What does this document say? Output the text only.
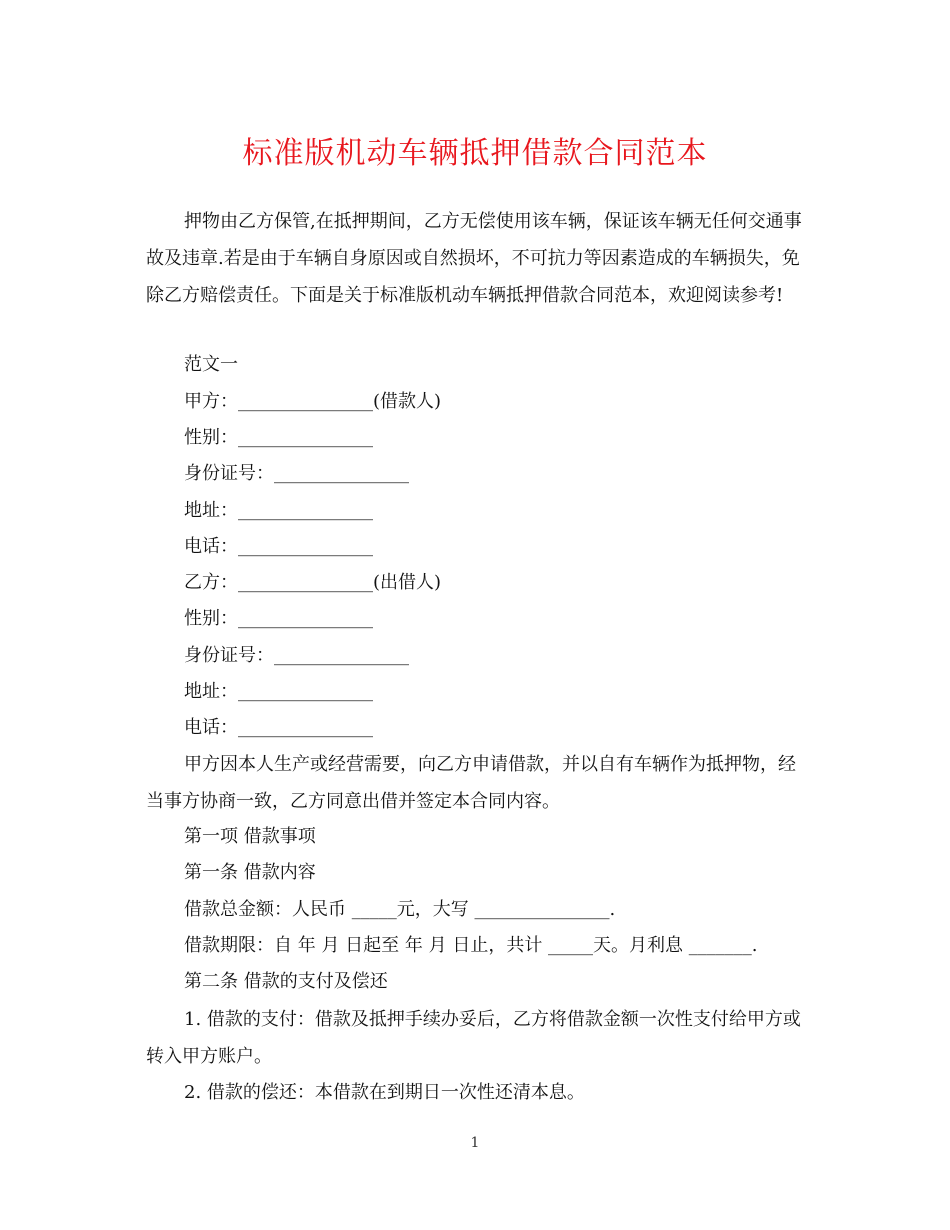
标准版机动车辆抵押借款合同范本
押物由乙方保管,在抵押期间，乙方无偿使用该车辆，保证该车辆无任何交通事故及违章.若是由于车辆自身原因或自然损坏，不可抗力等因素造成的车辆损失，免除乙方赔偿责任。下面是关于标准版机动车辆抵押借款合同范本，欢迎阅读参考!
范文一
甲方：_______________(借款人)
性别：_______________
身份证号：_______________
地址：_______________
电话：_______________
乙方：_______________(出借人)
性别：_______________
身份证号：_______________
地址：_______________
电话：_______________
甲方因本人生产或经营需要，向乙方申请借款，并以自有车辆作为抵押物，经当事方协商一致，乙方同意出借并签定本合同内容。
第一项 借款事项
第一条 借款内容
借款总金额：人民币 _____元，大写 _______________.
借款期限：自 年 月 日起至 年 月 日止，共计 _____天。月利息 _______.
第二条 借款的支付及偿还
1. 借款的支付：借款及抵押手续办妥后，乙方将借款金额一次性支付给甲方或转入甲方账户。
2. 借款的偿还：本借款在到期日一次性还清本息。
1
